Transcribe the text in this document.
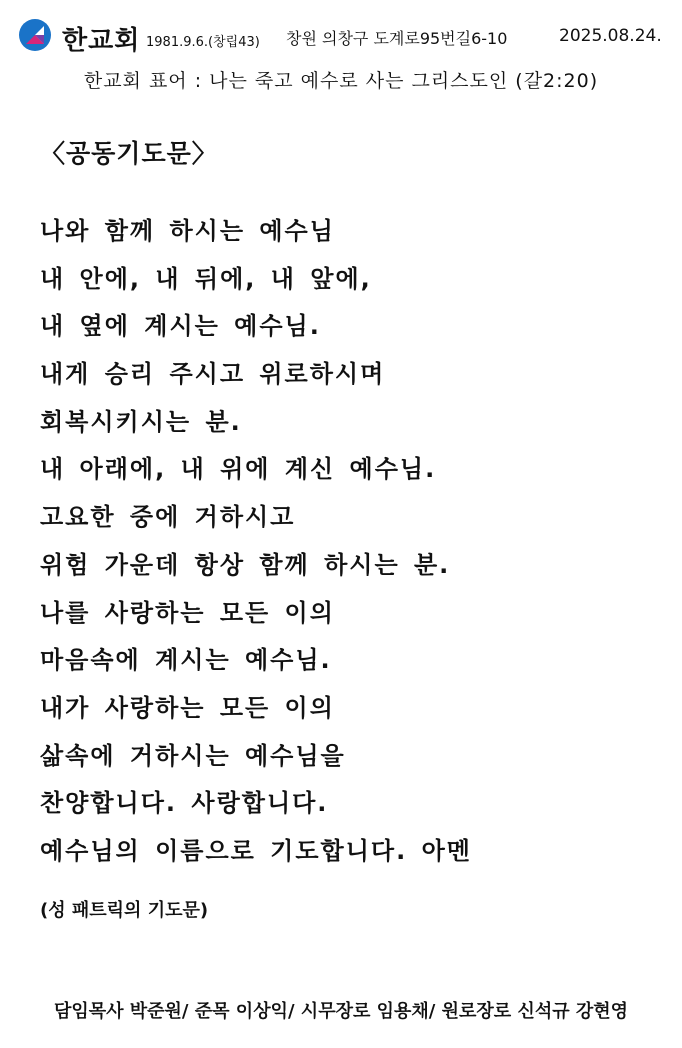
한교회 1981.9.6.(창립43) 창원 의창구 도계로95번길6-10	2025.08.24.
한교회 표어 : 나는 죽고 예수로 사는 그리스도인 (갈2:20)
〈공동기도문〉
나와 함께 하시는 예수님
내 안에, 내 뒤에, 내 앞에,
내 옆에 계시는 예수님.
내게 승리 주시고 위로하시며
회복시키시는 분.
내 아래에, 내 위에 계신 예수님.
고요한 중에 거하시고
위험 가운데 항상 함께 하시는 분.
나를 사랑하는 모든 이의
마음속에 계시는 예수님.
내가 사랑하는 모든 이의
삶속에 거하시는 예수님을
찬양합니다. 사랑합니다.
예수님의 이름으로 기도합니다. 아멘
(성 패트릭의 기도문)
담임목사 박준원/ 준목 이상익/ 시무장로 임용채/ 원로장로 신석규 강현영
